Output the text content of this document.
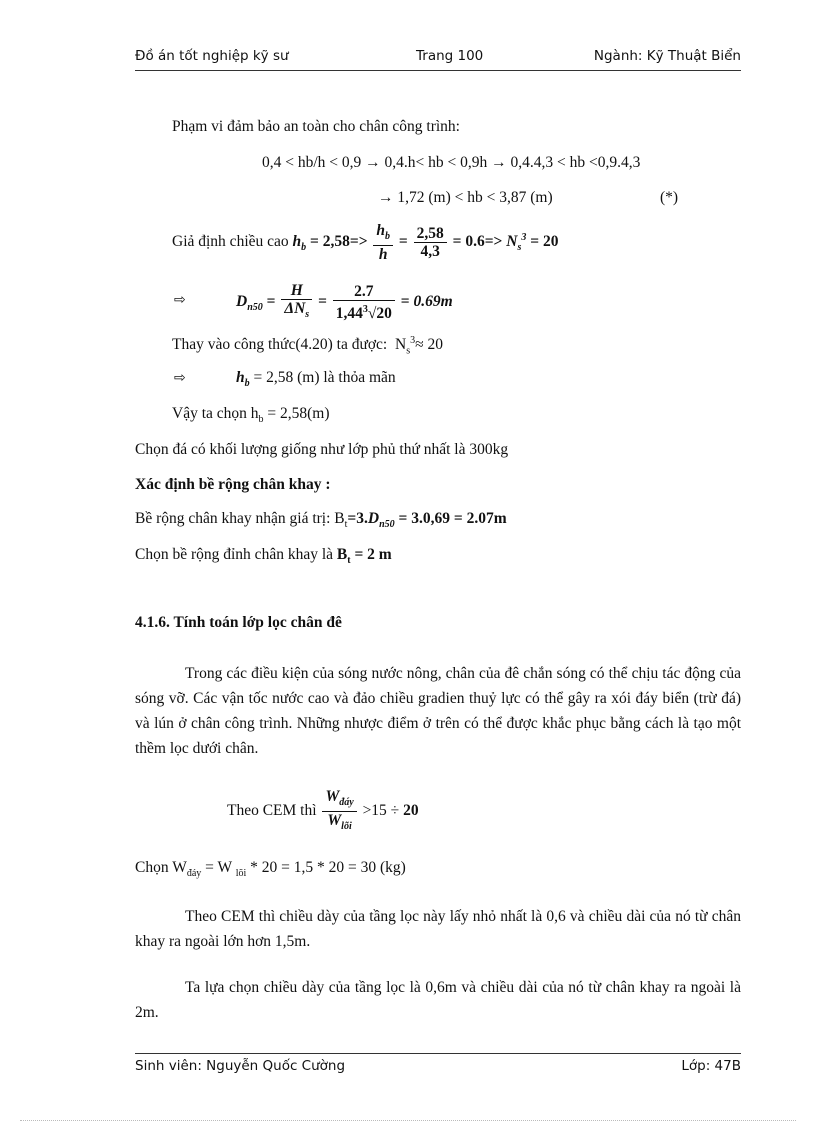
Đồ án tốt nghiệp kỹ sư	Trang 100	Ngành: Kỹ Thuật Biển
Phạm vi đảm bảo an toàn cho chân công trình:
0,4 < hb/h < 0,9 → 0,4.h< hb < 0,9h → 0,4.4,3 < hb <0,9.4,3
→ 1,72 (m) < hb < 3,87 (m)	(*)
Giả định chiều cao $h_b = 2,58=> \frac{h_b}{h} = \frac{2,58}{4,3} = 0.6=> N_s^3 = 20$
⇨	$D_{n50} = \frac{H}{\Delta N_s} = \frac{2.7}{1,44^3√20} = 0.69m$
Thay vào công thức(4.20) ta được:  $N_s^3\approx 20$
⇨	$h_b = 2,58$ (m) là thỏa mãn
Vậy ta chọn $h_b = 2,58(m)$
Chọn đá có khối lượng giống như lớp phủ thứ nhất là 300kg
Xác định bề rộng chân khay :
Bề rộng chân khay nhận giá trị: $B_t=3.D_{n50} = 3.0,69 = 2.07m$
Chọn bề rộng đỉnh chân khay là $B_t = 2$ m
4.1.6. Tính toán lớp lọc chân đê
Trong các điều kiện của sóng nước nông, chân của đê chắn sóng có thể chịu tác động của sóng vỡ. Các vận tốc nước cao và đảo chiều gradien thuỷ lực có thể gây ra xói đáy biển (trừ đá) và lún ở chân công trình. Những nhược điểm ở trên có thể được khắc phục bằng cách là tạo một thềm lọc dưới chân.
Theo CEM thì $\frac{W_{đáy}}{W_{lõi}} >15 \div 20$
Chọn $W_{đáy} = W$ $_{lõi}$ * 20 = 1,5 * 20 = 30 (kg)
Theo CEM thì chiều dày của tầng lọc này lấy nhỏ nhất là 0,6 và chiều dài của nó từ chân khay ra ngoài lớn hơn 1,5m.
Ta lựa chọn chiều dày của tầng lọc là 0,6m và chiều dài của nó từ chân khay ra ngoài là 2m.
Sinh viên: Nguyễn Quốc Cường	Lớp: 47B
